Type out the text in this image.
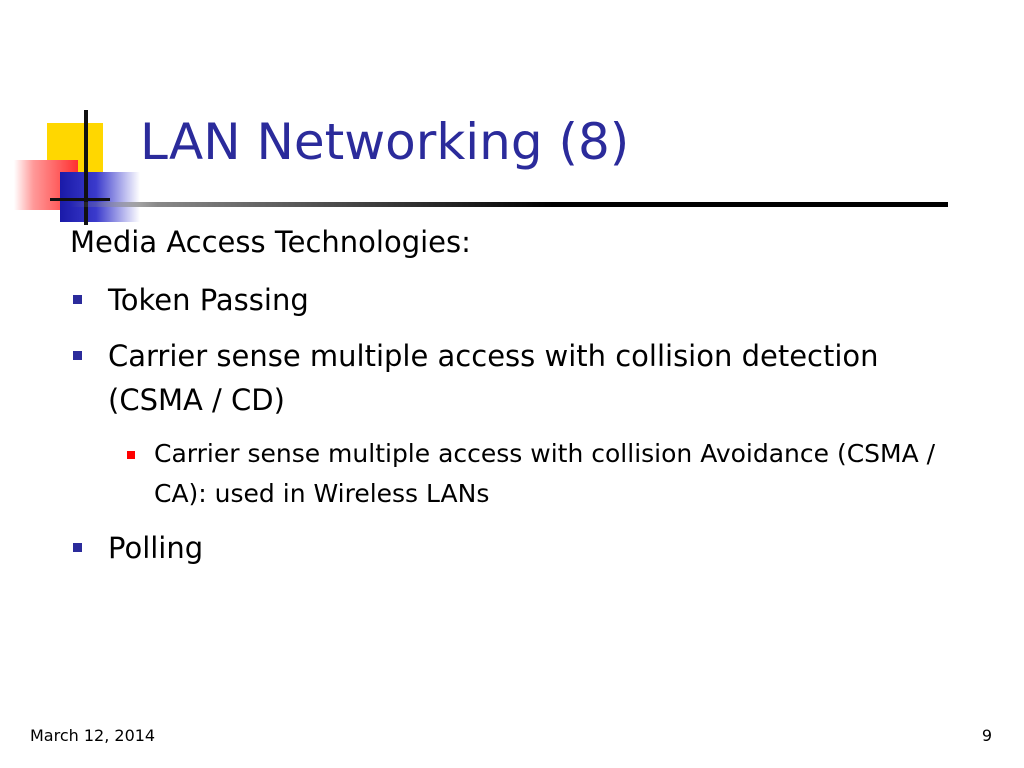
LAN Networking (8)
Media Access Technologies:
Token Passing
Carrier sense multiple access with collision detection (CSMA / CD)
Carrier sense multiple access with collision Avoidance (CSMA / CA): used in Wireless LANs
Polling
March 12, 2014	9
